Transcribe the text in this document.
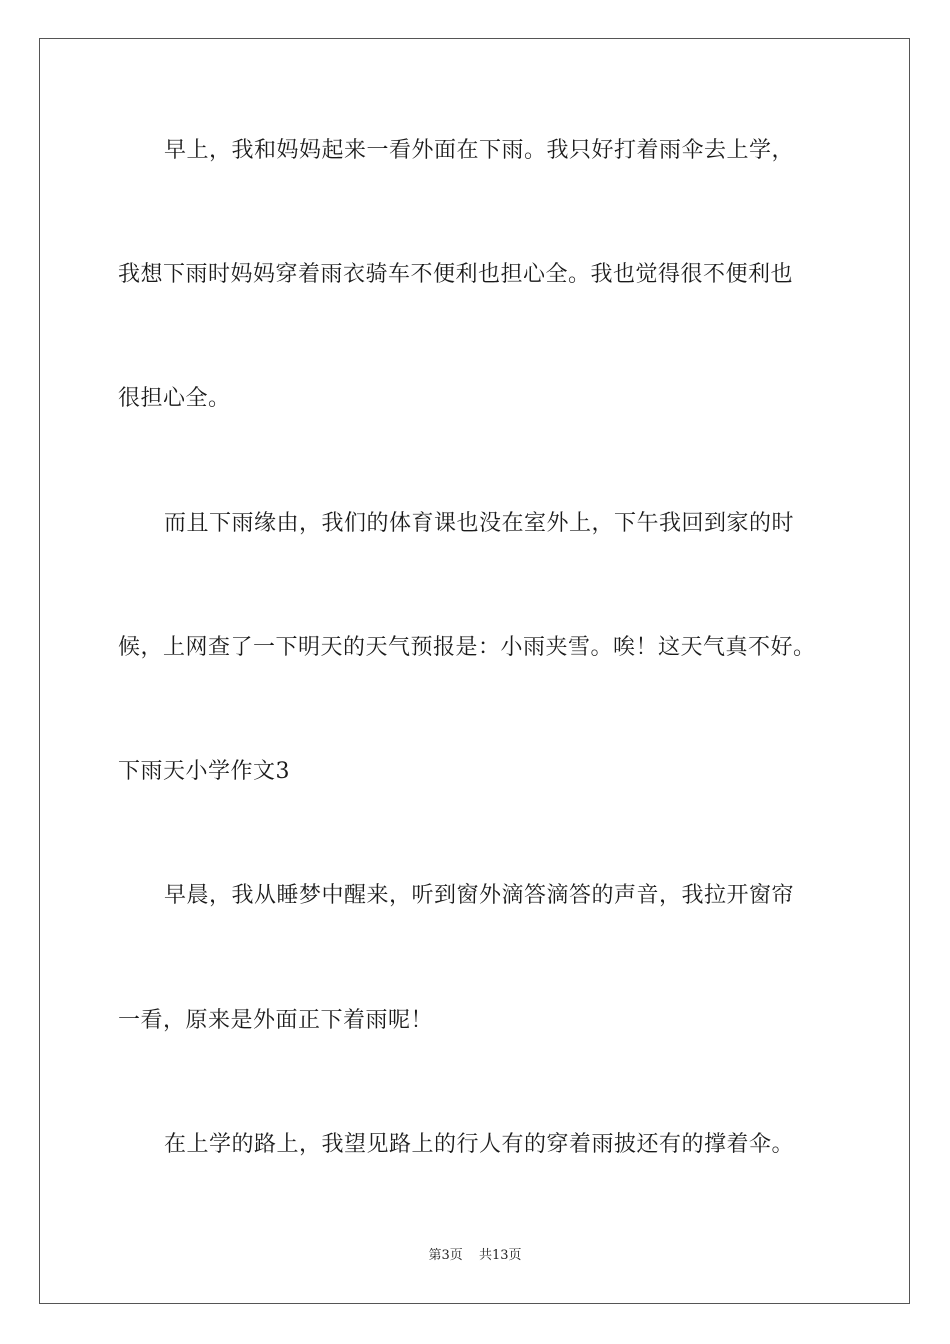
早上，我和妈妈起来一看外面在下雨。我只好打着雨伞去上学，
我想下雨时妈妈穿着雨衣骑车不便利也担心全。我也觉得很不便利也
很担心全。
而且下雨缘由，我们的体育课也没在室外上，下午我回到家的时
候，上网查了一下明天的天气预报是：小雨夹雪。唉！这天气真不好。
下雨天小学作文3
早晨，我从睡梦中醒来，听到窗外滴答滴答的声音，我拉开窗帘
一看，原来是外面正下着雨呢！
在上学的路上，我望见路上的行人有的穿着雨披还有的撑着伞。
第3页 共13页
